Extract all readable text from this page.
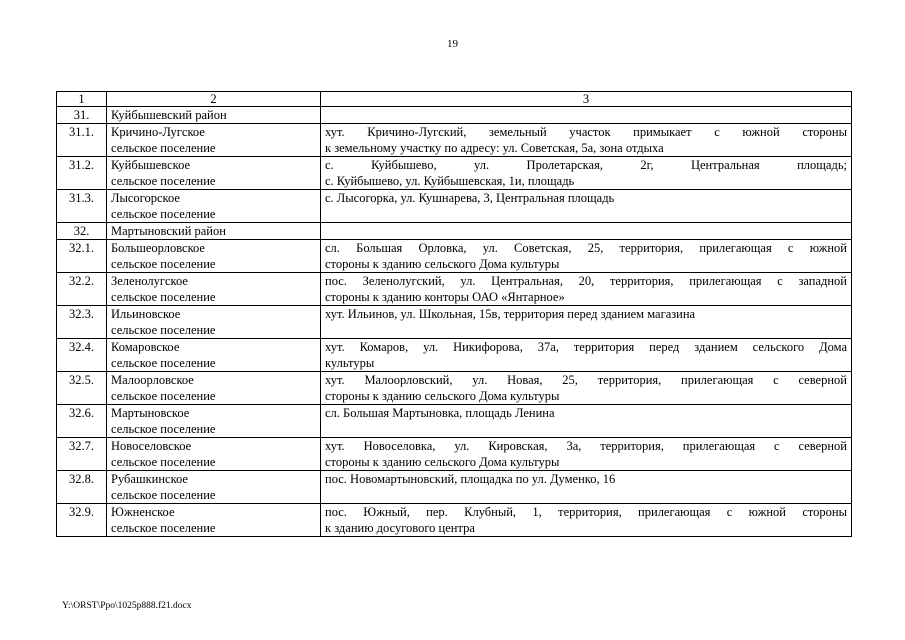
19
1	2	3
31.	Куйбышевский район	

31.1.	Кричино-Лугское
сельское поселение	хут. Кричино-Лугский, земельный участок примыкает с южной стороны
к земельному участку по адресу: ул. Советская, 5а, зона отдыха

31.2.	Куйбышевское
сельское поселение	с. Куйбышево, ул. Пролетарская, 2г, Центральная площадь;
с. Куйбышево, ул. Куйбышевская, 1и, площадь

31.3.	Лысогорское
сельское поселение	с. Лысогорка, ул. Кушнарева, 3, Центральная площадь

32.	Мартыновский район	

32.1.	Большеорловское
сельское поселение	сл. Большая Орловка, ул. Советская, 25, территория, прилегающая с южной
стороны к зданию сельского Дома культуры

32.2.	Зеленолугское
сельское поселение	пос. Зеленолугский, ул. Центральная, 20, территория, прилегающая с западной
стороны к зданию конторы ОАО «Янтарное»

32.3.	Ильиновское
сельское поселение	хут. Ильинов, ул. Школьная, 15в, территория перед зданием магазина

32.4.	Комаровское
сельское поселение	хут. Комаров, ул. Никифорова, 37а, территория перед зданием сельского Дома
культуры

32.5.	Малоорловское
сельское поселение	хут. Малоорловский, ул. Новая, 25, территория, прилегающая с северной
стороны к зданию сельского Дома культуры

32.6.	Мартыновское
сельское поселение	сл. Большая Мартыновка, площадь Ленина

32.7.	Новоселовское
сельское поселение	хут. Новоселовка, ул. Кировская, 3а, территория, прилегающая с северной
стороны к зданию сельского Дома культуры

32.8.	Рубашкинское
сельское поселение	пос. Новомартыновский, площадка по ул. Думенко, 16

32.9.	Южненское
сельское поселение	пос. Южный, пер. Клубный, 1, территория, прилегающая с южной стороны
к зданию досугового центра
Y:\ORST\Ppo\1025p888.f21.docx
